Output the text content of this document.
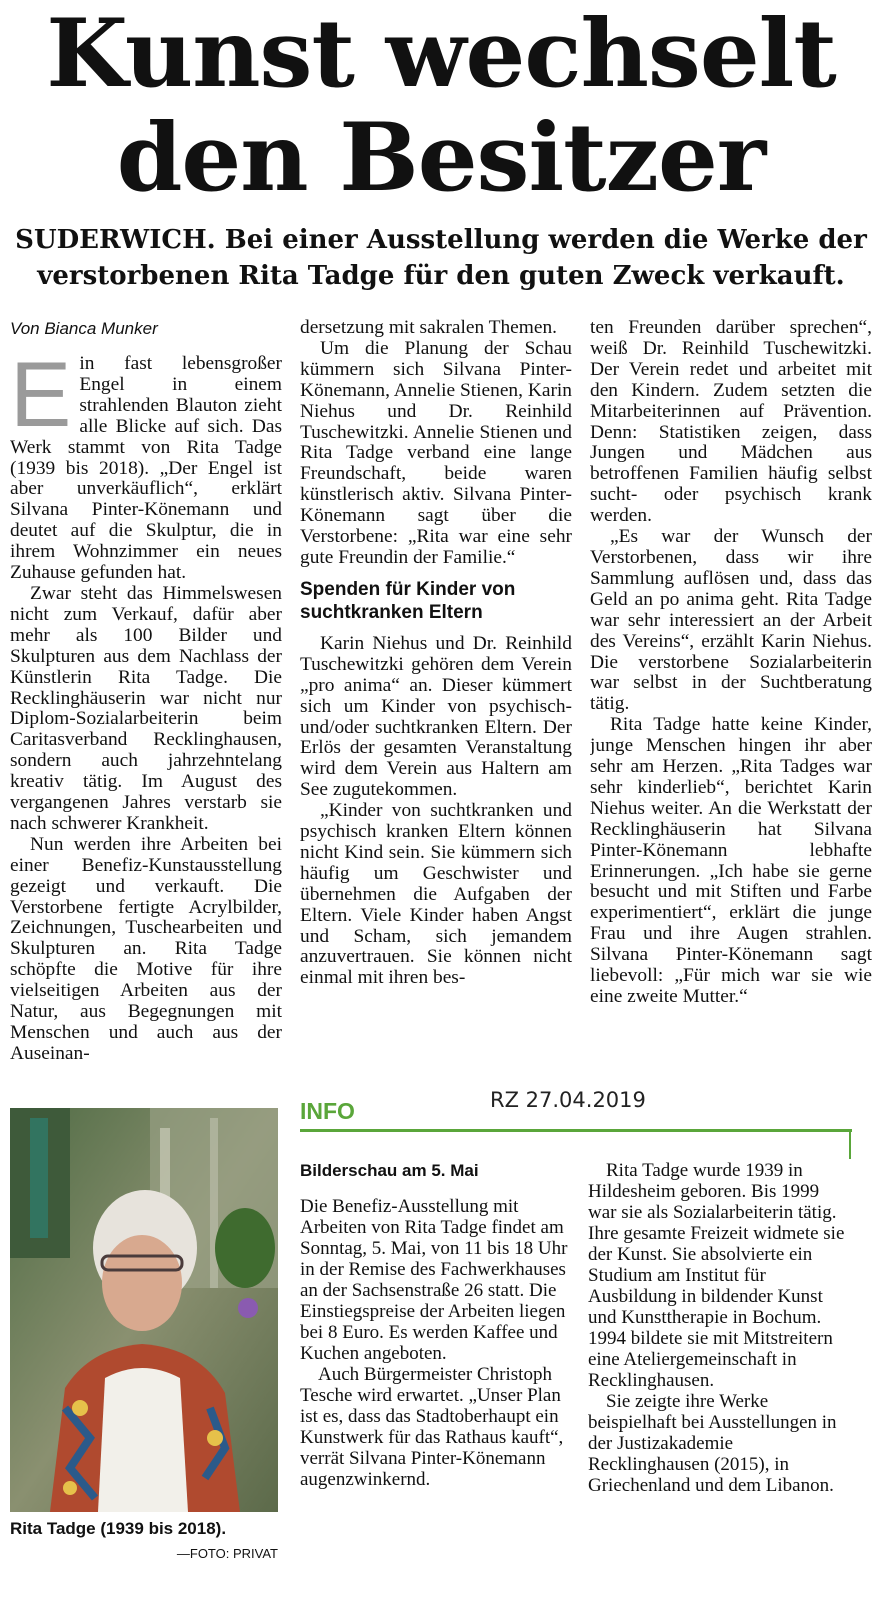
Kunst wechselt
den Besitzer
SUDERWICH. Bei einer Ausstellung werden die Werke der
verstorbenen Rita Tadge für den guten Zweck verkauft.
Von Bianca Munker
E in fast lebensgroßer Engel in einem strahlenden Blauton zieht alle Blicke auf sich. Das Werk stammt von Rita Tadge (1939 bis 2018). „Der Engel ist aber unverkäuflich“, erklärt Silvana Pinter-Könemann und deutet auf die Skulptur, die in ihrem Wohnzimmer ein neues Zuhause gefunden hat.

Zwar steht das Himmelswesen nicht zum Verkauf, dafür aber mehr als 100 Bilder und Skulpturen aus dem Nachlass der Künstlerin Rita Tadge. Die Recklinghäuserin war nicht nur Diplom-Sozialarbeiterin beim Caritasverband Recklinghausen, sondern auch jahrzehntelang kreativ tätig. Im August des vergangenen Jahres verstarb sie nach schwerer Krankheit.

Nun werden ihre Arbeiten bei einer Benefiz-Kunstausstellung gezeigt und verkauft. Die Verstorbene fertigte Acrylbilder, Zeichnungen, Tuschearbeiten und Skulpturen an. Rita Tadge schöpfte die Motive für ihre vielseitigen Arbeiten aus der Natur, aus Begegnungen mit Menschen und auch aus der Auseinan-

dersetzung mit sakralen Themen.

Um die Planung der Schau kümmern sich Silvana Pinter-Könemann, Annelie Stienen, Karin Niehus und Dr. Reinhild Tuschewitzki. Annelie Stienen und Rita Tadge verband eine lange Freundschaft, beide waren künstlerisch aktiv. Silvana Pinter-Könemann sagt über die Verstorbene: „Rita war eine sehr gute Freundin der Familie.“

Spenden für Kinder von suchtkranken Eltern

Karin Niehus und Dr. Reinhild Tuschewitzki gehören dem Verein „pro anima“ an. Dieser kümmert sich um Kinder von psychisch- und/oder suchtkranken Eltern. Der Erlös der gesamten Veranstaltung wird dem Verein aus Haltern am See zugutekommen.

„Kinder von suchtkranken und psychisch kranken Eltern können nicht Kind sein. Sie kümmern sich häufig um Geschwister und übernehmen die Aufgaben der Eltern. Viele Kinder haben Angst und Scham, sich jemandem anzuvertrauen. Sie können nicht einmal mit ihren bes-

ten Freunden darüber sprechen“, weiß Dr. Reinhild Tuschewitzki. Der Verein redet und arbeitet mit den Kindern. Zudem setzten die Mitarbeiterinnen auf Prävention. Denn: Statistiken zeigen, dass Jungen und Mädchen aus betroffenen Familien häufig selbst sucht- oder psychisch krank werden.

„Es war der Wunsch der Verstorbenen, dass wir ihre Sammlung auflösen und, dass das Geld an po anima geht. Rita Tadge war sehr interessiert an der Arbeit des Vereins“, erzählt Karin Niehus. Die verstorbene Sozialarbeiterin war selbst in der Suchtberatung tätig.

Rita Tadge hatte keine Kinder, junge Menschen hingen ihr aber sehr am Herzen. „Rita Tadges war sehr kinderlieb“, berichtet Karin Niehus weiter. An die Werkstatt der Recklinghäuserin hat Silvana Pinter-Könemann lebhafte Erinnerungen. „Ich habe sie gerne besucht und mit Stiften und Farbe experimentiert“, erklärt die junge Frau und ihre Augen strahlen. Silvana Pinter-Könemann sagt liebevoll: „Für mich war sie wie eine zweite Mutter.“

Rita Tadge (1939 bis 2018).
—FOTO: PRIVAT
INFO	RZ 27.04.2019
Bilderschau am 5. Mai

Die Benefiz-Ausstellung mit Arbeiten von Rita Tadge findet am Sonntag, 5. Mai, von 11 bis 18 Uhr in der Remise des Fachwerkhauses an der Sachsenstraße 26 statt. Die Einstiegspreise der Arbeiten liegen bei 8 Euro. Es werden Kaffee und Kuchen angeboten.

Auch Bürgermeister Christoph Tesche wird erwartet. „Unser Plan ist es, dass das Stadtoberhaupt ein Kunstwerk für das Rathaus kauft“, verrät Silvana Pinter-Könemann augenzwinkernd.

Rita Tadge wurde 1939 in Hildesheim geboren. Bis 1999 war sie als Sozialarbeiterin tätig. Ihre gesamte Freizeit widmete sie der Kunst. Sie absolvierte ein Studium am Institut für Ausbildung in bildender Kunst und Kunsttherapie in Bochum. 1994 bildete sie mit Mitstreitern eine Ateliergemeinschaft in Recklinghausen.

Sie zeigte ihre Werke beispielhaft bei Ausstellungen in der Justizakademie Recklinghausen (2015), in Griechenland und dem Libanon.
